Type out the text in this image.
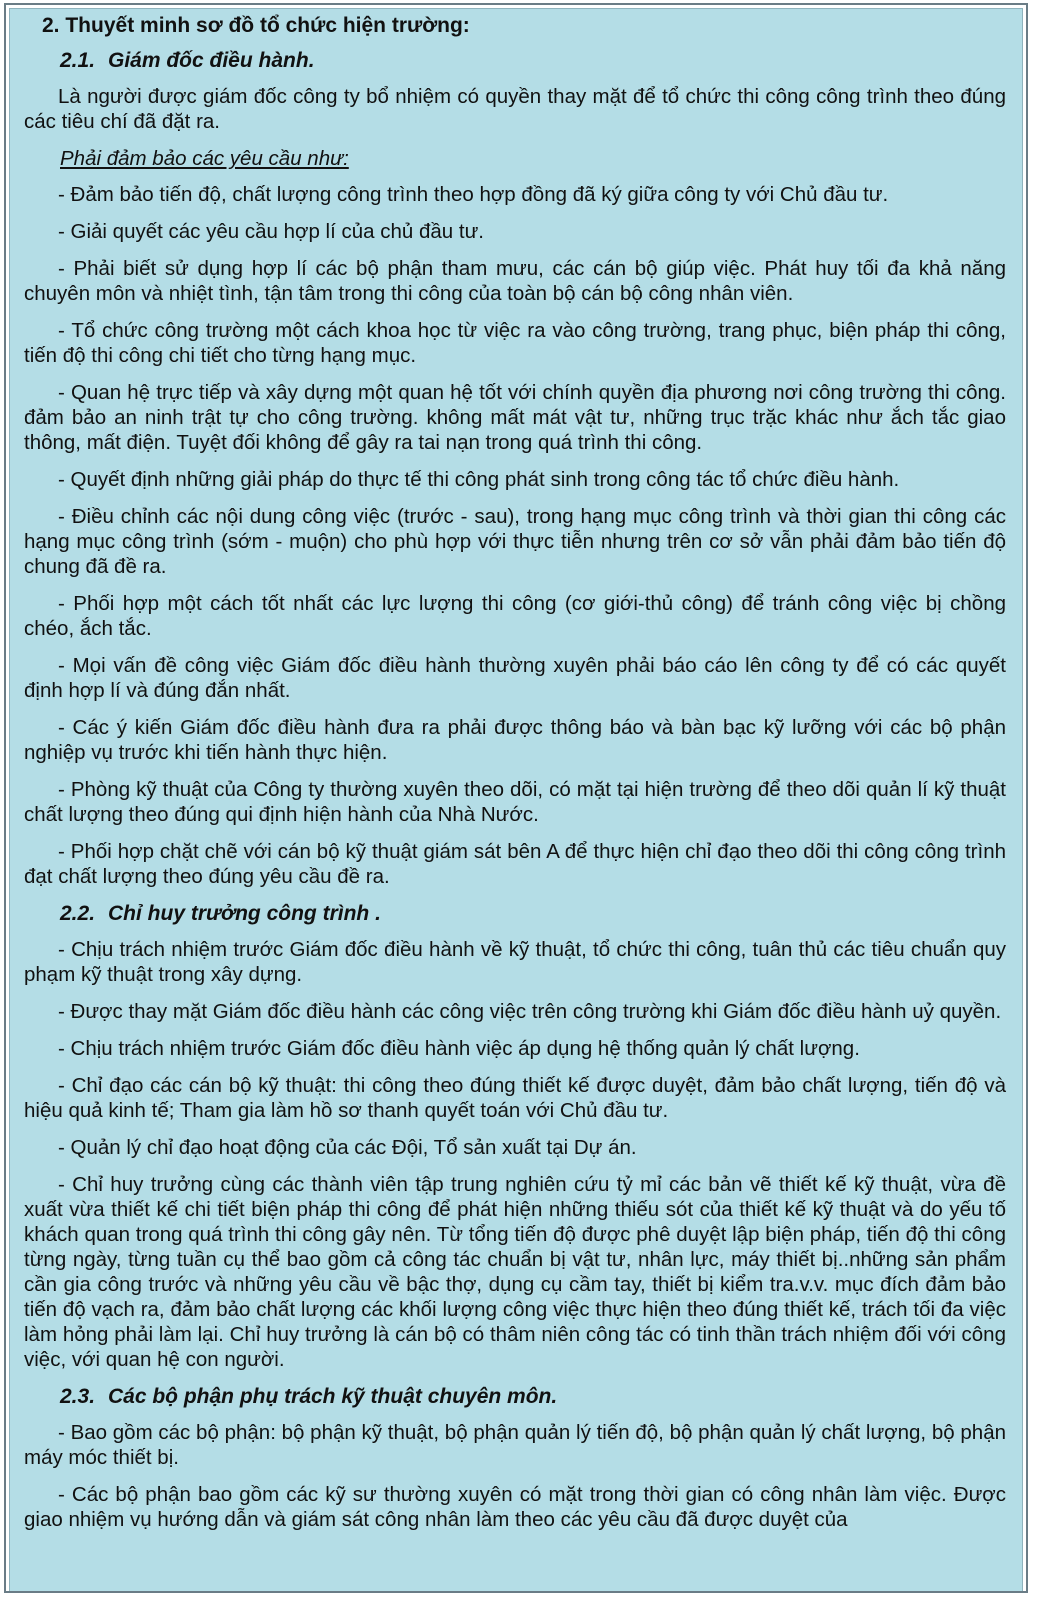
2. Thuyết minh sơ đồ tổ chức hiện trường:
2.1. Giám đốc điều hành.

Là người được giám đốc công ty bổ nhiệm có quyền thay mặt để tổ chức thi công công trình theo đúng các tiêu chí đã đặt ra.

Phải đảm bảo các yêu cầu như:

- Đảm bảo tiến độ, chất lượng công trình theo hợp đồng đã ký giữa công ty với Chủ đầu tư.

- Giải quyết các yêu cầu hợp lí của chủ đầu tư.

- Phải biết sử dụng hợp lí các bộ phận tham mưu, các cán bộ giúp việc. Phát huy tối đa khả năng chuyên môn và nhiệt tình, tận tâm trong thi công của toàn bộ cán bộ công nhân viên.

- Tổ chức công trường một cách khoa học từ việc ra vào công trường, trang phục, biện pháp thi công, tiến độ thi công chi tiết cho từng hạng mục.

- Quan hệ trực tiếp và xây dựng một quan hệ tốt với chính quyền địa phương nơi công trường thi công. đảm bảo an ninh trật tự cho công trường. không mất mát vật tư, những trục trặc khác như ắch tắc giao thông, mất điện. Tuyệt đối không để gây ra tai nạn trong quá trình thi công.

- Quyết định những giải pháp do thực tế thi công phát sinh trong công tác tổ chức điều hành.

- Điều chỉnh các nội dung công việc (trước - sau), trong hạng mục công trình và thời gian thi công các hạng mục công trình (sớm - muộn) cho phù hợp với thực tiễn nhưng trên cơ sở vẫn phải đảm bảo tiến độ chung đã đề ra.

- Phối hợp một cách tốt nhất các lực lượng thi công (cơ giới-thủ công) để tránh công việc bị chồng chéo, ắch tắc.

- Mọi vấn đề công việc Giám đốc điều hành thường xuyên phải báo cáo lên công ty để có các quyết định hợp lí và đúng đắn nhất.

- Các ý kiến Giám đốc điều hành đưa ra phải được thông báo và bàn bạc kỹ lưỡng với các bộ phận nghiệp vụ trước khi tiến hành thực hiện.

- Phòng kỹ thuật của Công ty thường xuyên theo dõi, có mặt tại hiện trường để theo dõi quản lí kỹ thuật chất lượng theo đúng qui định hiện hành của Nhà Nước.

- Phối hợp chặt chẽ với cán bộ kỹ thuật giám sát bên A để thực hiện chỉ đạo theo dõi thi công công trình đạt chất lượng theo đúng yêu cầu đề ra.

2.2. Chỉ huy trưởng công trình .

- Chịu trách nhiệm trước Giám đốc điều hành về kỹ thuật, tổ chức thi công, tuân thủ các tiêu chuẩn quy phạm kỹ thuật trong xây dựng.

- Được thay mặt Giám đốc điều hành các công việc trên công trường khi Giám đốc điều hành uỷ quyền.

- Chịu trách nhiệm trước Giám đốc điều hành việc áp dụng hệ thống quản lý chất lượng.

- Chỉ đạo các cán bộ kỹ thuật: thi công theo đúng thiết kế được duyệt, đảm bảo chất lượng, tiến độ và hiệu quả kinh tế; Tham gia làm hồ sơ thanh quyết toán với Chủ đầu tư.

- Quản lý chỉ đạo hoạt động của các Đội, Tổ sản xuất tại Dự án.

- Chỉ huy trưởng cùng các thành viên tập trung nghiên cứu tỷ mỉ các bản vẽ thiết kế kỹ thuật, vừa đề xuất vừa thiết kế chi tiết biện pháp thi công để phát hiện những thiếu sót của thiết kế kỹ thuật và do yếu tố khách quan trong quá trình thi công gây nên. Từ tổng tiến độ được phê duyệt lập biện pháp, tiến độ thi công từng ngày, từng tuần cụ thể bao gồm cả công tác chuẩn bị vật tư, nhân lực, máy thiết bị..những sản phẩm cần gia công trước và những yêu cầu về bậc thợ, dụng cụ cầm tay, thiết bị kiểm tra.v.v. mục đích đảm bảo tiến độ vạch ra, đảm bảo chất lượng các khối lượng công việc thực hiện theo đúng thiết kế, trách tối đa việc làm hỏng phải làm lại. Chỉ huy trưởng là cán bộ có thâm niên công tác có tinh thần trách nhiệm đối với công việc, với quan hệ con người.

2.3. Các bộ phận phụ trách kỹ thuật chuyên môn.

- Bao gồm các bộ phận: bộ phận kỹ thuật, bộ phận quản lý tiến độ, bộ phận quản lý chất lượng, bộ phận máy móc thiết bị.

- Các bộ phận bao gồm các kỹ sư thường xuyên có mặt trong thời gian có công nhân làm việc. Được giao nhiệm vụ hướng dẫn và giám sát công nhân làm theo các yêu cầu đã được duyệt của
